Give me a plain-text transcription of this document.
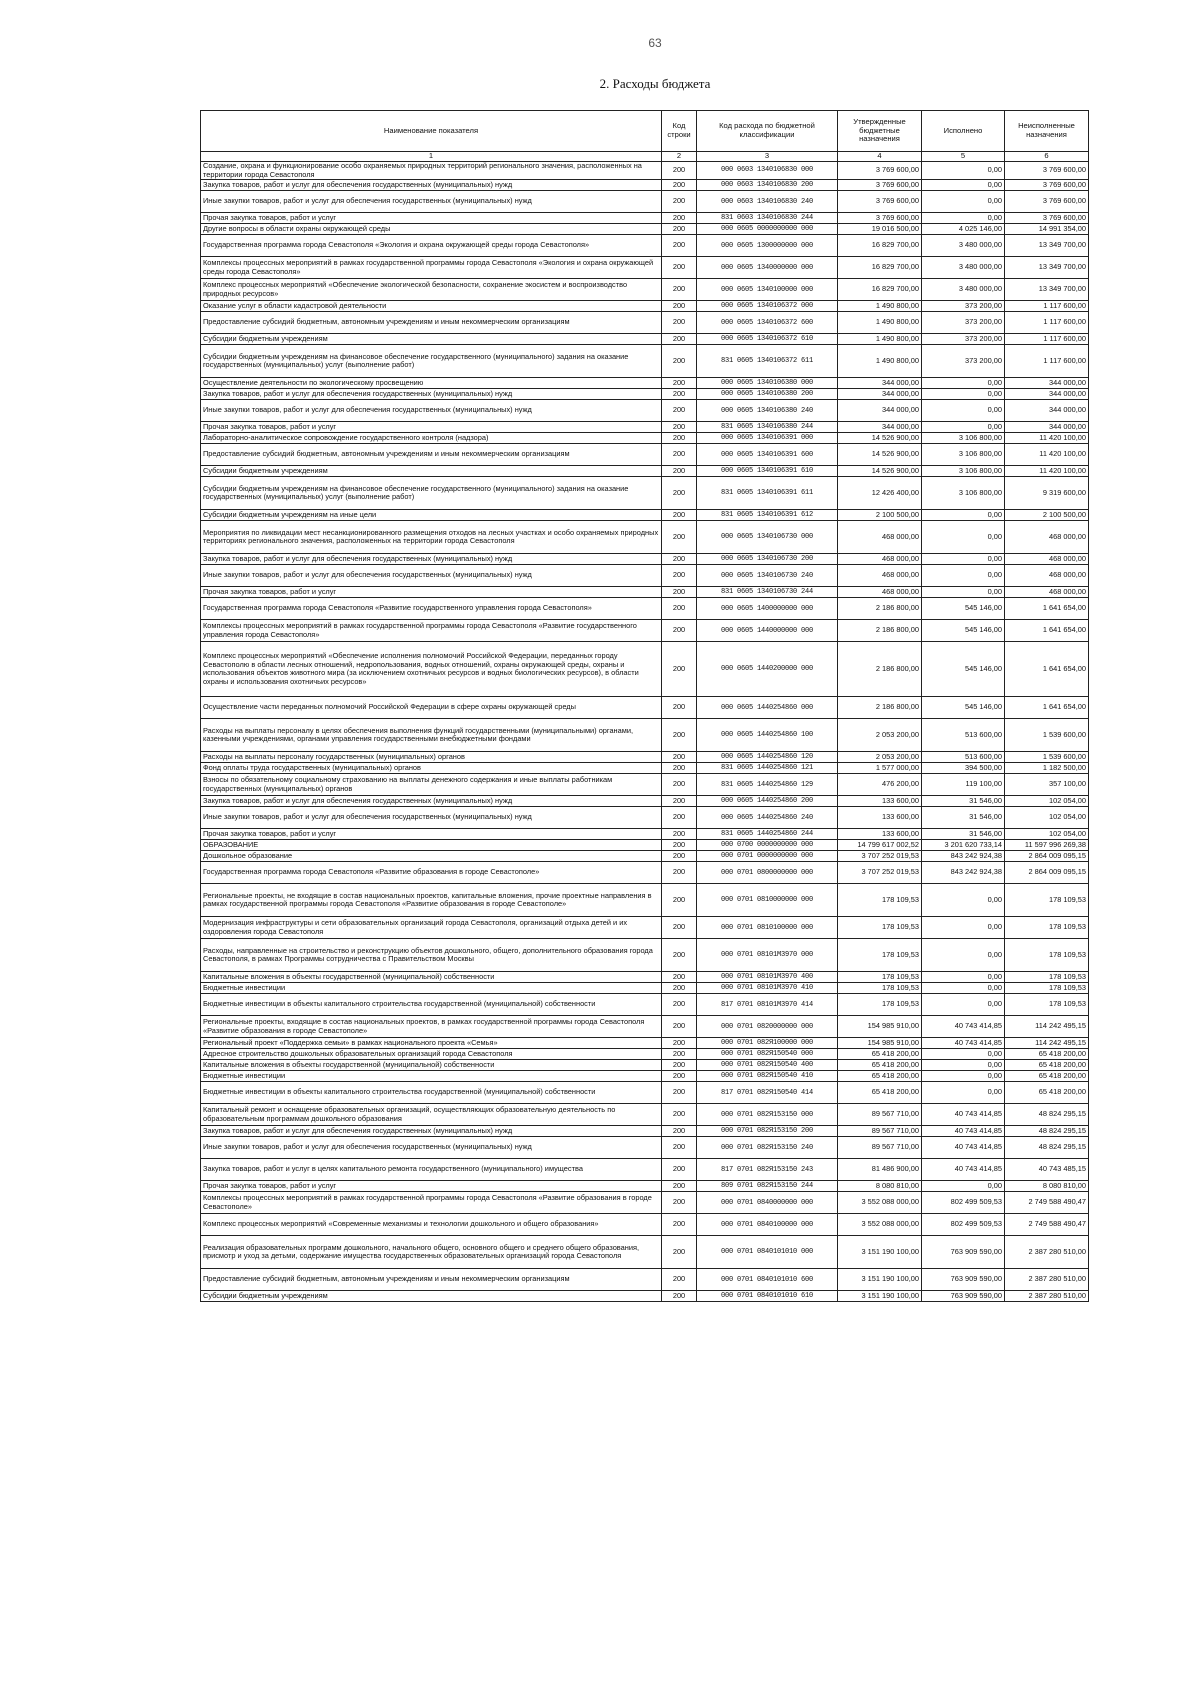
63
2. Расходы бюджета
Наименование показателя	Код строки	Код расхода по бюджетной классификации	Утвержденные бюджетные назначения	Исполнено	Неисполненные назначения
1	2	3	4	5	6
Создание, охрана и функционирование особо охраняемых природных территорий регионального значения, расположенных на территории города Севастополя	200	000 0603 1340106830 000	3 769 600,00	0,00	3 769 600,00
Закупка товаров, работ и услуг для обеспечения государственных (муниципальных) нужд	200	000 0603 1340106830 200	3 769 600,00	0,00	3 769 600,00
Иные закупки товаров, работ и услуг для обеспечения государственных (муниципальных) нужд	200	000 0603 1340106830 240	3 769 600,00	0,00	3 769 600,00
Прочая закупка товаров, работ и услуг	200	831 0603 1340106830 244	3 769 600,00	0,00	3 769 600,00
Другие вопросы в области охраны окружающей среды	200	000 0605 0000000000 000	19 016 500,00	4 025 146,00	14 991 354,00
Государственная программа города Севастополя «Экология и охрана окружающей среды города Севастополя»	200	000 0605 1300000000 000	16 829 700,00	3 480 000,00	13 349 700,00
Комплексы процессных мероприятий в рамках государственной программы города Севастополя «Экология и охрана окружающей среды города Севастополя»	200	000 0605 1340000000 000	16 829 700,00	3 480 000,00	13 349 700,00
Комплекс процессных мероприятий «Обеспечение экологической безопасности, сохранение экосистем и воспроизводство природных ресурсов»	200	000 0605 1340100000 000	16 829 700,00	3 480 000,00	13 349 700,00
Оказание услуг в области кадастровой деятельности	200	000 0605 1340106372 000	1 490 800,00	373 200,00	1 117 600,00
Предоставление субсидий бюджетным, автономным учреждениям и иным некоммерческим организациям	200	000 0605 1340106372 600	1 490 800,00	373 200,00	1 117 600,00
Субсидии бюджетным учреждениям	200	000 0605 1340106372 610	1 490 800,00	373 200,00	1 117 600,00
Субсидии бюджетным учреждениям на финансовое обеспечение государственного (муниципального) задания на оказание государственных (муниципальных) услуг (выполнение работ)	200	831 0605 1340106372 611	1 490 800,00	373 200,00	1 117 600,00
Осуществление деятельности по экологическому просвещению	200	000 0605 1340106380 000	344 000,00	0,00	344 000,00
Закупка товаров, работ и услуг для обеспечения государственных (муниципальных) нужд	200	000 0605 1340106380 200	344 000,00	0,00	344 000,00
Иные закупки товаров, работ и услуг для обеспечения государственных (муниципальных) нужд	200	000 0605 1340106380 240	344 000,00	0,00	344 000,00
Прочая закупка товаров, работ и услуг	200	831 0605 1340106380 244	344 000,00	0,00	344 000,00
Лабораторно-аналитическое сопровождение государственного контроля (надзора)	200	000 0605 1340106391 000	14 526 900,00	3 106 800,00	11 420 100,00
Предоставление субсидий бюджетным, автономным учреждениям и иным некоммерческим организациям	200	000 0605 1340106391 600	14 526 900,00	3 106 800,00	11 420 100,00
Субсидии бюджетным учреждениям	200	000 0605 1340106391 610	14 526 900,00	3 106 800,00	11 420 100,00
Субсидии бюджетным учреждениям на финансовое обеспечение государственного (муниципального) задания на оказание государственных (муниципальных) услуг (выполнение работ)	200	831 0605 1340106391 611	12 426 400,00	3 106 800,00	9 319 600,00
Субсидии бюджетным учреждениям на иные цели	200	831 0605 1340106391 612	2 100 500,00	0,00	2 100 500,00
Мероприятия по ликвидации мест несанкционированного размещения отходов на лесных участках и особо охраняемых природных территориях регионального значения, расположенных на территории города Севастополя	200	000 0605 1340106730 000	468 000,00	0,00	468 000,00
Закупка товаров, работ и услуг для обеспечения государственных (муниципальных) нужд	200	000 0605 1340106730 200	468 000,00	0,00	468 000,00
Иные закупки товаров, работ и услуг для обеспечения государственных (муниципальных) нужд	200	000 0605 1340106730 240	468 000,00	0,00	468 000,00
Прочая закупка товаров, работ и услуг	200	831 0605 1340106730 244	468 000,00	0,00	468 000,00
Государственная программа города Севастополя «Развитие государственного управления города Севастополя»	200	000 0605 1400000000 000	2 186 800,00	545 146,00	1 641 654,00
Комплексы процессных мероприятий в рамках государственной программы города Севастополя «Развитие государственного управления города Севастополя»	200	000 0605 1440000000 000	2 186 800,00	545 146,00	1 641 654,00
Комплекс процессных мероприятий «Обеспечение исполнения полномочий Российской Федерации, переданных городу Севастополю в области лесных отношений, недропользования, водных отношений, охраны окружающей среды, охраны и использования объектов животного мира (за исключением охотничьих ресурсов и водных биологических ресурсов), в области охраны и использования охотничьих ресурсов»	200	000 0605 1440200000 000	2 186 800,00	545 146,00	1 641 654,00
Осуществление части переданных полномочий Российской Федерации в сфере охраны окружающей среды	200	000 0605 1440254860 000	2 186 800,00	545 146,00	1 641 654,00
Расходы на выплаты персоналу в целях обеспечения выполнения функций государственными (муниципальными) органами, казенными учреждениями, органами управления государственными внебюджетными фондами	200	000 0605 1440254860 100	2 053 200,00	513 600,00	1 539 600,00
Расходы на выплаты персоналу государственных (муниципальных) органов	200	000 0605 1440254860 120	2 053 200,00	513 600,00	1 539 600,00
Фонд оплаты труда государственных (муниципальных) органов	200	831 0605 1440254860 121	1 577 000,00	394 500,00	1 182 500,00
Взносы по обязательному социальному страхованию на выплаты денежного содержания и иные выплаты работникам государственных (муниципальных) органов	200	831 0605 1440254860 129	476 200,00	119 100,00	357 100,00
Закупка товаров, работ и услуг для обеспечения государственных (муниципальных) нужд	200	000 0605 1440254860 200	133 600,00	31 546,00	102 054,00
Иные закупки товаров, работ и услуг для обеспечения государственных (муниципальных) нужд	200	000 0605 1440254860 240	133 600,00	31 546,00	102 054,00
Прочая закупка товаров, работ и услуг	200	831 0605 1440254860 244	133 600,00	31 546,00	102 054,00
ОБРАЗОВАНИЕ	200	000 0700 0000000000 000	14 799 617 002,52	3 201 620 733,14	11 597 996 269,38
Дошкольное образование	200	000 0701 0000000000 000	3 707 252 019,53	843 242 924,38	2 864 009 095,15
Государственная программа города Севастополя «Развитие образования в городе Севастополе»	200	000 0701 0800000000 000	3 707 252 019,53	843 242 924,38	2 864 009 095,15
Региональные проекты, не входящие в состав национальных проектов, капитальные вложения, прочие проектные направления в рамках государственной программы города Севастополя «Развитие образования в городе Севастополе»	200	000 0701 0810000000 000	178 109,53	0,00	178 109,53
Модернизация инфраструктуры и сети образовательных организаций города Севастополя, организаций отдыха детей и их оздоровления города Севастополя	200	000 0701 0810100000 000	178 109,53	0,00	178 109,53
Расходы, направленные на строительство и реконструкцию объектов дошкольного, общего, дополнительного образования города Севастополя, в рамках Программы сотрудничества с Правительством Москвы	200	000 0701 08101М3970 000	178 109,53	0,00	178 109,53
Капитальные вложения в объекты государственной (муниципальной) собственности	200	000 0701 08101М3970 400	178 109,53	0,00	178 109,53
Бюджетные инвестиции	200	000 0701 08101М3970 410	178 109,53	0,00	178 109,53
Бюджетные инвестиции в объекты капитального строительства государственной (муниципальной) собственности	200	817 0701 08101М3970 414	178 109,53	0,00	178 109,53
Региональные проекты, входящие в состав национальных проектов, в рамках государственной программы города Севастополя «Развитие образования в городе Севастополе»	200	000 0701 0820000000 000	154 985 910,00	40 743 414,85	114 242 495,15
Региональный проект «Поддержка семьи» в рамках национального проекта «Семья»	200	000 0701 082Я100000 000	154 985 910,00	40 743 414,85	114 242 495,15
Адресное строительство дошкольных образовательных организаций города Севастополя	200	000 0701 082Я150540 000	65 418 200,00	0,00	65 418 200,00
Капитальные вложения в объекты государственной (муниципальной) собственности	200	000 0701 082Я150540 400	65 418 200,00	0,00	65 418 200,00
Бюджетные инвестиции	200	000 0701 082Я150540 410	65 418 200,00	0,00	65 418 200,00
Бюджетные инвестиции в объекты капитального строительства государственной (муниципальной) собственности	200	817 0701 082Я150540 414	65 418 200,00	0,00	65 418 200,00
Капитальный ремонт и оснащение образовательных организаций, осуществляющих образовательную деятельность по образовательным программам дошкольного образования	200	000 0701 082Я153150 000	89 567 710,00	40 743 414,85	48 824 295,15
Закупка товаров, работ и услуг для обеспечения государственных (муниципальных) нужд	200	000 0701 082Я153150 200	89 567 710,00	40 743 414,85	48 824 295,15
Иные закупки товаров, работ и услуг для обеспечения государственных (муниципальных) нужд	200	000 0701 082Я153150 240	89 567 710,00	40 743 414,85	48 824 295,15
Закупка товаров, работ и услуг в целях капитального ремонта государственного (муниципального) имущества	200	817 0701 082Я153150 243	81 486 900,00	40 743 414,85	40 743 485,15
Прочая закупка товаров, работ и услуг	200	809 0701 082Я153150 244	8 080 810,00	0,00	8 080 810,00
Комплексы процессных мероприятий в рамках государственной программы города Севастополя «Развитие образования в городе Севастополе»	200	000 0701 0840000000 000	3 552 088 000,00	802 499 509,53	2 749 588 490,47
Комплекс процессных мероприятий «Современные механизмы и технологии дошкольного и общего образования»	200	000 0701 0840100000 000	3 552 088 000,00	802 499 509,53	2 749 588 490,47
Реализация образовательных программ дошкольного, начального общего, основного общего и среднего общего образования, присмотр и уход за детьми, содержание имущества государственных образовательных организаций города Севастополя	200	000 0701 0840101010 000	3 151 190 100,00	763 909 590,00	2 387 280 510,00
Предоставление субсидий бюджетным, автономным учреждениям и иным некоммерческим организациям	200	000 0701 0840101010 600	3 151 190 100,00	763 909 590,00	2 387 280 510,00
Субсидии бюджетным учреждениям	200	000 0701 0840101010 610	3 151 190 100,00	763 909 590,00	2 387 280 510,00
